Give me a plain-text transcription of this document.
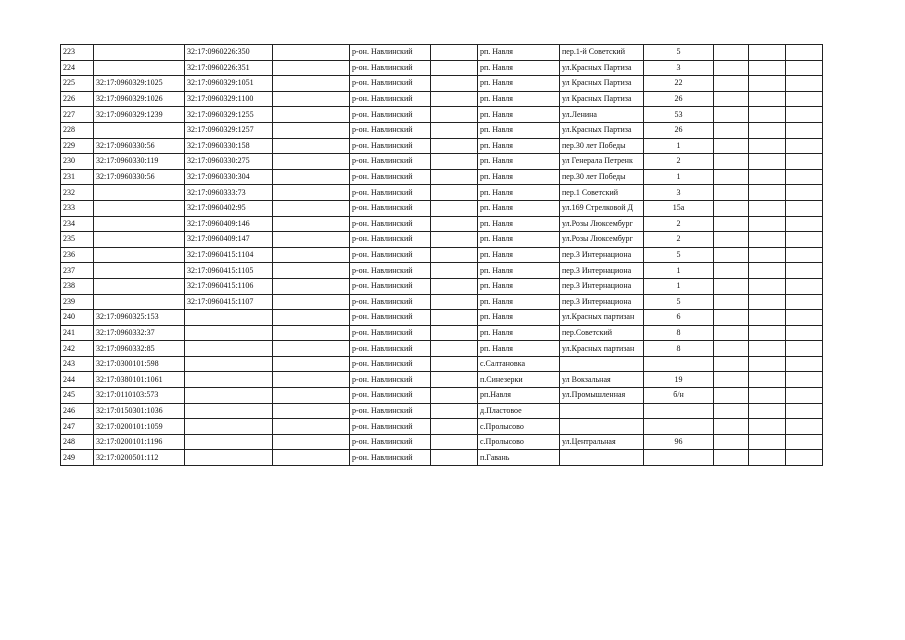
223		32:17:0960226:350		р-он. Навлинский		рп. Навля	пер.1-й Советский	5			
224		32:17:0960226:351		р-он. Навлинский		рп. Навля	ул.Красных Партиза	3			
225	32:17:0960329:1025	32:17:0960329:1051		р-он. Навлинский		рп. Навля	ул Красных Партиза	22			
226	32:17:0960329:1026	32:17:0960329:1100		р-он. Навлинский		рп. Навля	ул Красных Партиза	26			
227	32:17:0960329:1239	32:17:0960329:1255		р-он. Навлинский		рп. Навля	ул.Ленина	53			
228		32:17:0960329:1257		р-он. Навлинский		рп. Навля	ул.Красных Партиза	26			
229	32:17:0960330:56	32:17:0960330:158		р-он. Навлинский		рп. Навля	пер.30 лет Победы	1			
230	32:17:0960330:119	32:17:0960330:275		р-он. Навлинский		рп. Навля	ул Генерала Петренк	2			
231	32:17:0960330:56	32:17:0960330:304		р-он. Навлинский		рп. Навля	пер.30 лет Победы	1			
232		32:17:0960333:73		р-он. Навлинский		рп. Навля	пер.1 Советский	3			
233		32:17:0960402:95		р-он. Навлинский		рп. Навля	ул.169 Стрелковой Д	15а			
234		32:17:0960409:146		р-он. Навлинский		рп. Навля	ул.Розы Люксембург	2			
235		32:17:0960409:147		р-он. Навлинский		рп. Навля	ул.Розы Люксембург	2			
236		32:17:0960415:1104		р-он. Навлинский		рп. Навля	пер.3 Интернациона	5			
237		32:17:0960415:1105		р-он. Навлинский		рп. Навля	пер.3 Интернациона	1			
238		32:17:0960415:1106		р-он. Навлинский		рп. Навля	пер.3 Интернациона	1			
239		32:17:0960415:1107		р-он. Навлинский		рп. Навля	пер.3 Интернациона	5			
240	32:17:0960325:153			р-он. Навлинский		рп. Навля	ул.Красных партизан	6			
241	32:17:0960332:37			р-он. Навлинский		рп. Навля	пер.Советский	8			
242	32:17:0960332:85			р-он. Навлинский		рп. Навля	ул.Красных партизан	8			
243	32:17:0300101:598			р-он. Навлинский		с.Салтановка					
244	32:17:0380101:1061			р-он. Навлинский		п.Синезерки	ул Вокзальная	19			
245	32:17:0110103:573			р-он. Навлинский		рп.Навля	ул.Промышленная	б/н			
246	32:17:0150301:1036			р-он. Навлинский		д.Пластовое					
247	32:17:0200101:1059			р-он. Навлинский		с.Пролысово					
248	32:17:0200101:1196			р-он. Навлинский		с.Пролысово	ул.Центральная	96			
249	32:17:0200501:112			р-он. Навлинский		п.Гавань					
